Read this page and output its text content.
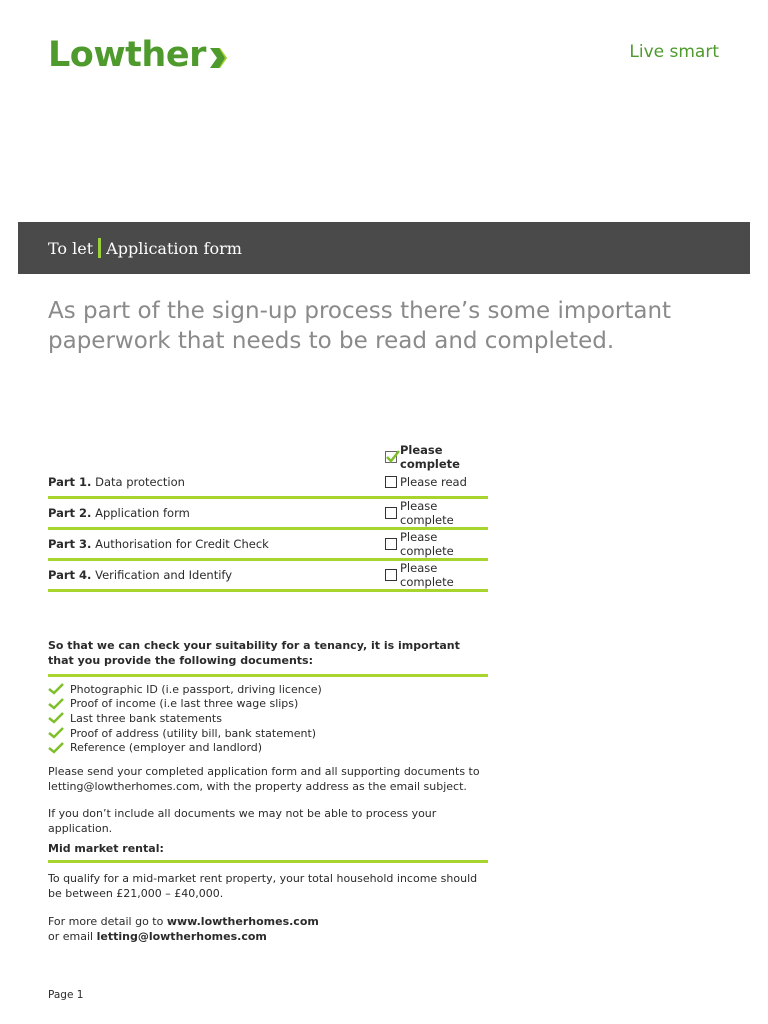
Lowther	Live smart
To let Application form
As part of the sign-up process there’s some important paperwork that needs to be read and completed.
Please complete
Part 1. Data protection	Please read
Part 2. Application form	Please complete
Part 3. Authorisation for Credit Check	Please complete
Part 4. Verification and Identify	Please complete
So that we can check your suitability for a tenancy, it is important that you provide the following documents:
Photographic ID (i.e passport, driving licence)
Proof of income (i.e last three wage slips)
Last three bank statements
Proof of address (utility bill, bank statement)
Reference (employer and landlord)
Please send your completed application form and all supporting documents to letting@lowtherhomes.com, with the property address as the email subject.
If you don’t include all documents we may not be able to process your application.
Mid market rental:
To qualify for a mid-market rent property, your total household income should be between £21,000 – £40,000.
For more detail go to www.lowtherhomes.com
or email letting@lowtherhomes.com
Page 1
